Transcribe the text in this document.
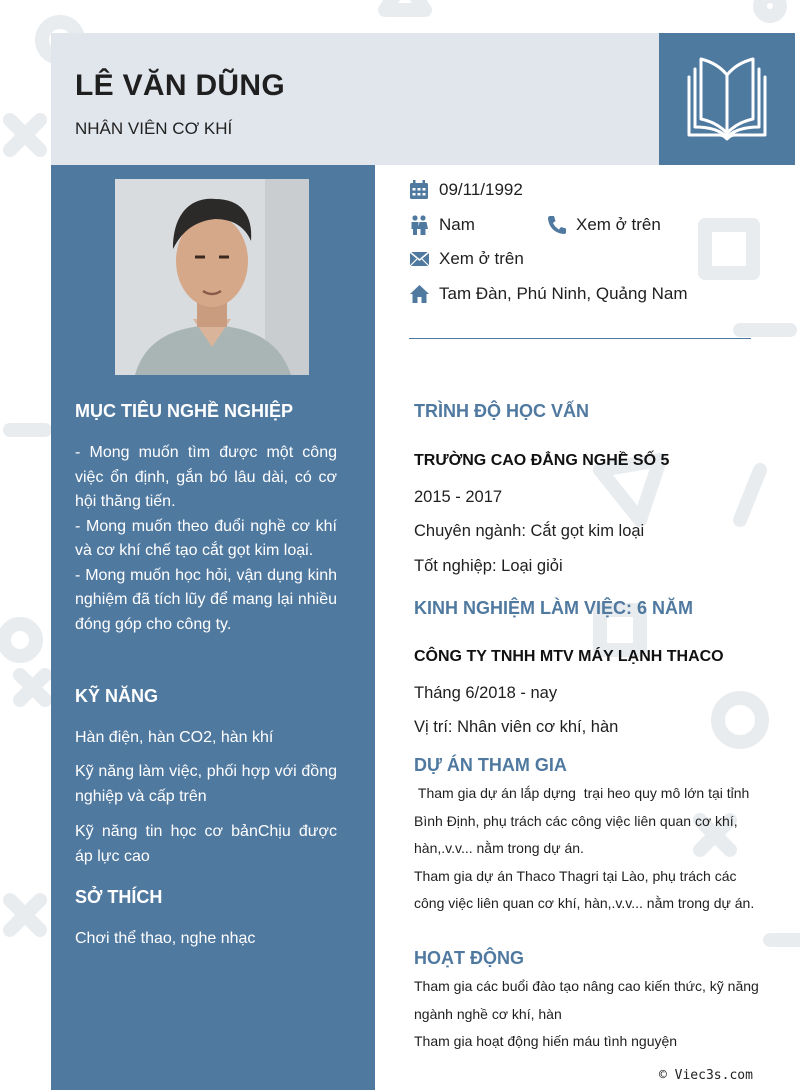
LÊ VĂN DŨNG
NHÂN VIÊN CƠ KHÍ
MỤC TIÊU NGHỀ NGHIỆP

- Mong muốn tìm được một công việc ổn định, gắn bó lâu dài, có cơ hội thăng tiến.

- Mong muốn theo đuổi nghề cơ khí và cơ khí chế tạo cắt gọt kim loại.

- Mong muốn học hỏi, vận dụng kinh nghiệm đã tích lũy để mang lại nhiều đóng góp cho công ty.

KỸ NĂNG
Hàn điện, hàn CO2, hàn khí
Kỹ năng làm việc, phối hợp với đồng nghiệp và cấp trên
Kỹ năng tin học cơ bảnChịu được áp lực cao
SỞ THÍCH
Chơi thể thao, nghe nhạc
09/11/1992
Nam	Xem ở trên
Xem ở trên
Tam Đàn, Phú Ninh, Quảng Nam
TRÌNH ĐỘ HỌC VẤN
TRƯỜNG CAO ĐẲNG NGHỀ SỐ 5
2015 - 2017
Chuyên ngành: Cắt gọt kim loại
Tốt nghiệp: Loại giỏi
KINH NGHIỆM LÀM VIỆC: 6 NĂM
CÔNG TY TNHH MTV MÁY LẠNH THACO
Tháng 6/2018 - nay
Vị trí: Nhân viên cơ khí, hàn
DỰ ÁN THAM GIA

Tham gia dự án lắp dựng  trại heo quy mô lớn tại tỉnh Bình Định, phụ trách các công việc liên quan cơ khí, hàn,.v.v... nằm trong dự án.

Tham gia dự án Thaco Thagri tại Lào, phụ trách các công việc liên quan cơ khí, hàn,.v.v... nằm trong dự án.

HOẠT ĐỘNG

Tham gia các buổi đào tạo nâng cao kiến thức, kỹ năng ngành nghề cơ khí, hàn

Tham gia hoạt động hiến máu tình nguyện

© Viec3s.com
